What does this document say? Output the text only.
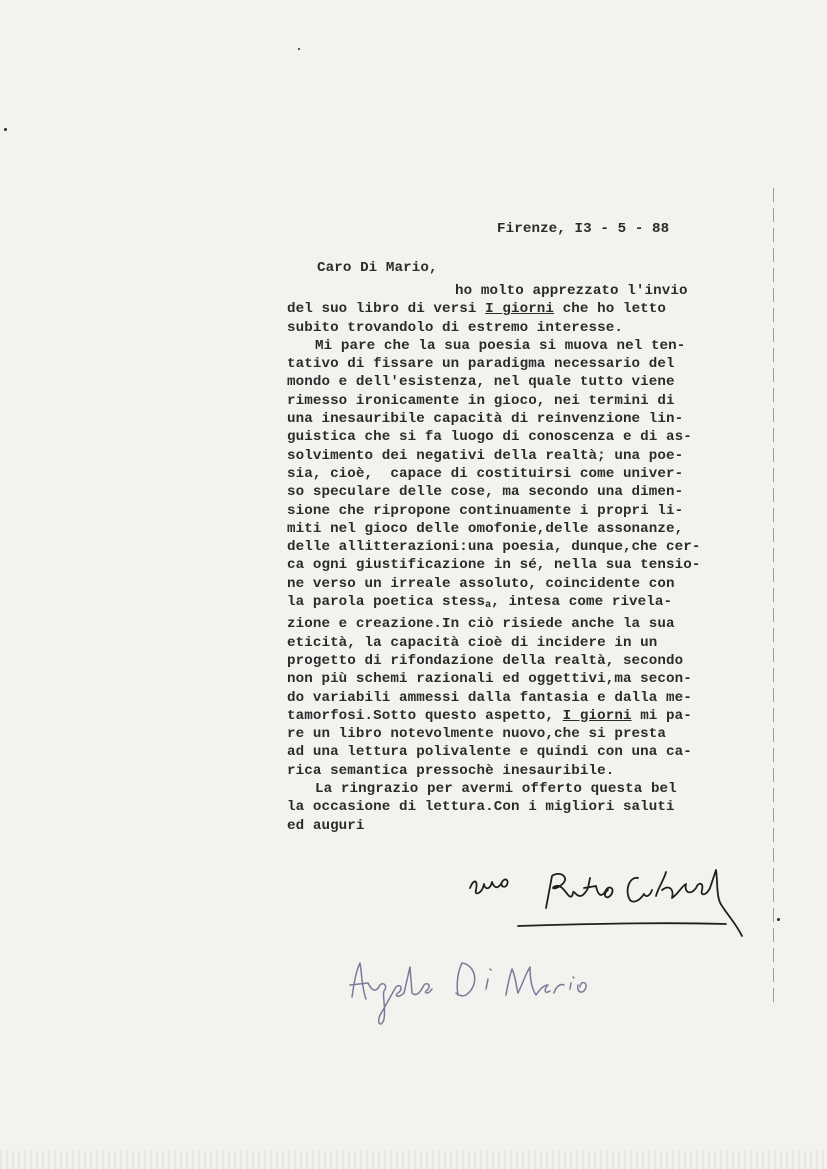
Firenze, I3 - 5 - 88
Caro Di Mario,
ho molto apprezzato l'invio
del suo libro di versi I giorni che ho letto
subito trovandolo di estremo interesse.
Mi pare che la sua poesia si muova nel ten-
tativo di fissare un paradigma necessario del
mondo e dell'esistenza, nel quale tutto viene
rimesso ironicamente in gioco, nei termini di
una inesauribile capacità di reinvenzione lin-
guistica che si fa luogo di conoscenza e di as-
solvimento dei negativi della realtà; una poe-
sia, cioè,  capace di costituirsi come univer-
so speculare delle cose, ma secondo una dimen-
sione che ripropone continuamente i propri li-
miti nel gioco delle omofonie,delle assonanze,
delle allitterazioni:una poesia, dunque,che cer-
ca ogni giustificazione in sé, nella sua tensio-
ne verso un irreale assoluto, coincidente con
la parola poetica stess$_a$, intesa come rivela-
zione e creazione.In ciò risiede anche la sua
eticità, la capacità cioè di incidere in un
progetto di rifondazione della realtà, secondo
non più schemi razionali ed oggettivi,ma secon-
do variabili ammessi dalla fantasia e dalla me-
tamorfosi.Sotto questo aspetto, I giorni mi pa-
re un libro notevolmente nuovo,che si presta
ad una lettura polivalente e quindi con una ca-
rica semantica pressochè inesauribile.
La ringrazio per avermi offerto questa bel
la occasione di lettura.Con i migliori saluti
ed auguri
